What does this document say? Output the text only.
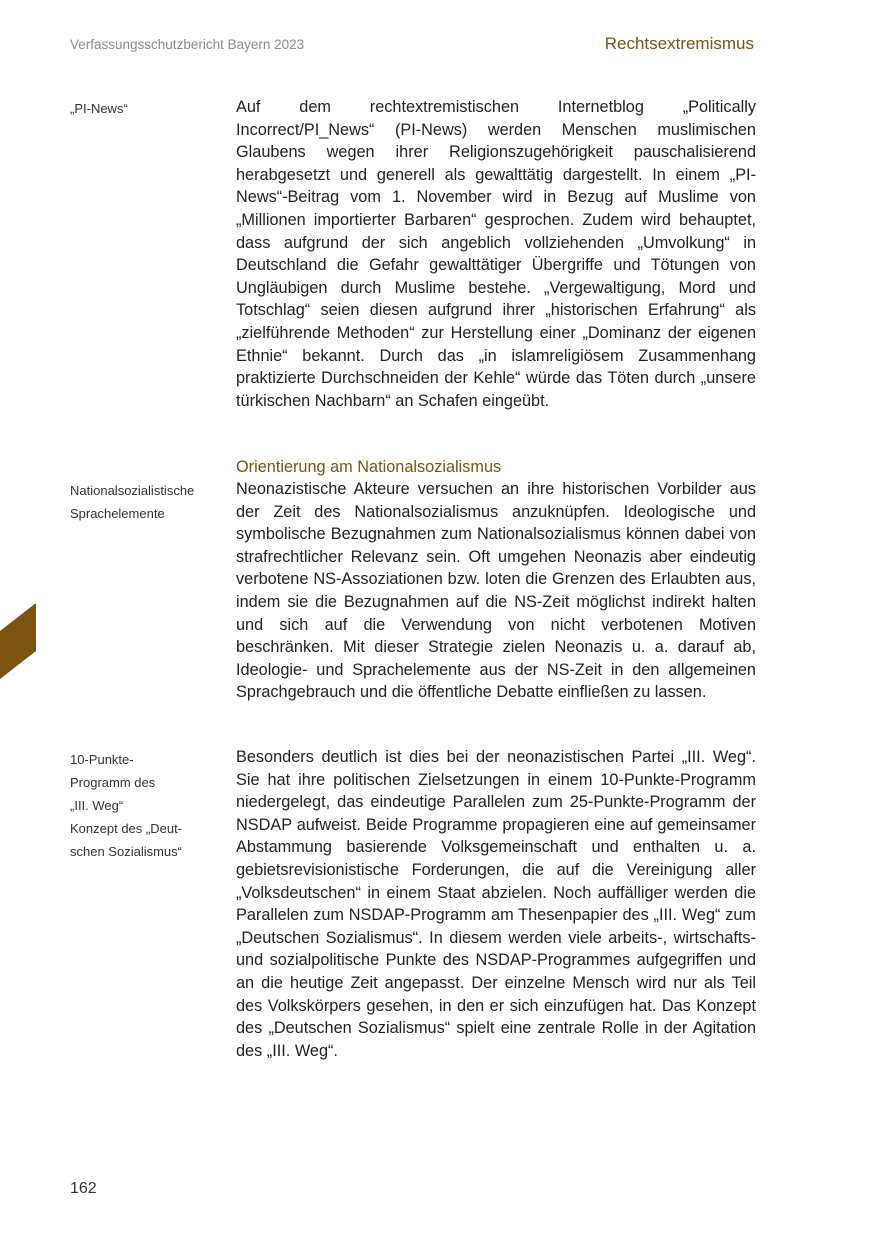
Verfassungsschutzbericht Bayern 2023	Rechtsextremismus
„PI-News“	Auf dem rechtextremistischen Internetblog „Politically Incorrect/PI_News“ (PI-News) werden Menschen muslimischen Glaubens wegen ihrer Religionszugehörigkeit pauschalisierend herabgesetzt und generell als gewalttätig dargestellt. In einem „PI-News“-Beitrag vom 1. November wird in Bezug auf Muslime von „Millionen importierter Barbaren“ gesprochen. Zudem wird behauptet, dass aufgrund der sich angeblich vollziehenden „Umvolkung“ in Deutschland die Gefahr gewalttätiger Übergriffe und Tötungen von Ungläubigen durch Muslime bestehe. „Vergewaltigung, Mord und Totschlag“ seien diesen aufgrund ihrer „historischen Erfahrung“ als „zielführende Methoden“ zur Herstellung einer „Dominanz der eigenen Ethnie“ bekannt. Durch das „in islamreligiösem Zusammenhang praktizierte Durchschneiden der Kehle“ würde das Töten durch „unsere türkischen Nachbarn“ an Schafen eingeübt.

Orientierung am Nationalsozialismus
Nationalsozialistische
Sprachelemente

Neonazistische Akteure versuchen an ihre historischen Vorbilder aus der Zeit des Nationalsozialismus anzuknüpfen. Ideologische und symbolische Bezugnahmen zum Nationalsozialismus können dabei von strafrechtlicher Relevanz sein. Oft umgehen Neonazis aber eindeutig verbotene NS-Assoziationen bzw. loten die Grenzen des Erlaubten aus, indem sie die Bezugnahmen auf die NS-Zeit möglichst indirekt halten und sich auf die Verwendung von nicht verbotenen Motiven beschränken. Mit dieser Strategie zielen Neonazis u. a. darauf ab, Ideologie- und Sprachelemente aus der NS-Zeit in den allgemeinen Sprachgebrauch und die öffentliche Debatte einfließen zu lassen.

10-Punkte-
Programm des
„III. Weg“
Konzept des „Deut-
schen Sozialismus“

Besonders deutlich ist dies bei der neonazistischen Partei „III. Weg“. Sie hat ihre politischen Zielsetzungen in einem 10-Punkte-Programm niedergelegt, das eindeutige Parallelen zum 25-Punkte-Programm der NSDAP aufweist. Beide Programme propagieren eine auf gemeinsamer Abstammung basierende Volksgemeinschaft und enthalten u. a. gebietsrevisionistische Forderungen, die auf die Vereinigung aller „Volksdeutschen“ in einem Staat abzielen. Noch auffälliger werden die Parallelen zum NSDAP-Programm am Thesenpapier des „III. Weg“ zum „Deutschen Sozialismus“. In diesem werden viele arbeits-, wirtschafts- und sozialpolitische Punkte des NSDAP-Programmes aufgegriffen und an die heutige Zeit angepasst. Der einzelne Mensch wird nur als Teil des Volkskörpers gesehen, in den er sich einzufügen hat. Das Konzept des „Deutschen Sozialismus“ spielt eine zentrale Rolle in der Agitation des „III. Weg“.

162
